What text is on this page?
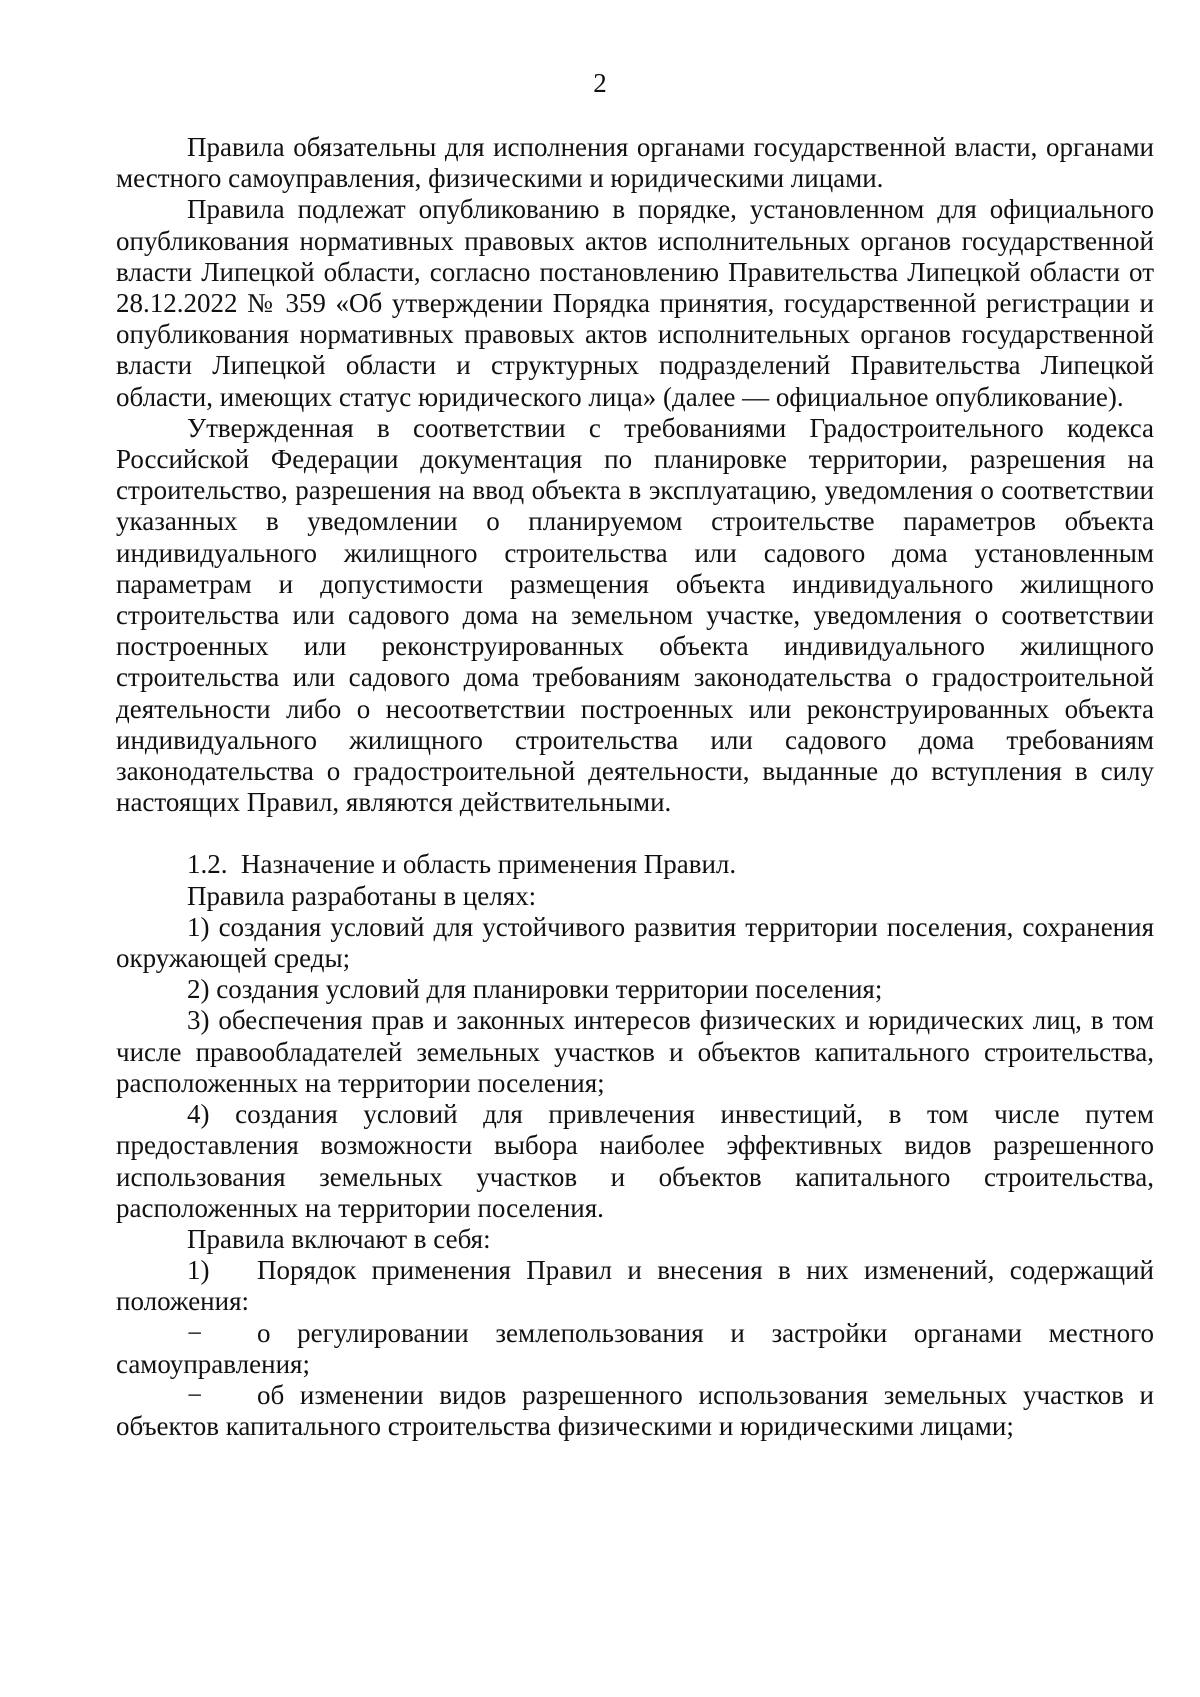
2

Правила обязательны для исполнения органами государственной власти, органами местного самоуправления, физическими и юридическими лицами.

Правила подлежат опубликованию в порядке, установленном для официального опубликования нормативных правовых актов исполнительных органов государственной власти Липецкой области, согласно постановлению Правительства Липецкой области от 28.12.2022 № 359 «Об утверждении Порядка принятия, государственной регистрации и опубликования нормативных правовых актов исполнительных органов государственной власти Липецкой области и структурных подразделений Правительства Липецкой области, имеющих статус юридического лица» (далее — официальное опубликование).

Утвержденная в соответствии с требованиями Градостроительного кодекса Российской Федерации документация по планировке территории, разрешения на строительство, разрешения на ввод объекта в эксплуатацию, уведомления о соответствии указанных в уведомлении о планируемом строительстве параметров объекта индивидуального жилищного строительства или садового дома установленным параметрам и допустимости размещения объекта индивидуального жилищного строительства или садового дома на земельном участке, уведомления о соответствии построенных или реконструированных объекта индивидуального жилищного строительства или садового дома требованиям законодательства о градостроительной деятельности либо о несоответствии построенных или реконструированных объекта индивидуального жилищного строительства или садового дома требованиям законодательства о градостроительной деятельности, выданные до вступления в силу настоящих Правил, являются действительными.

1.2.  Назначение и область применения Правил.

Правила разработаны в целях:

1) создания условий для устойчивого развития территории поселения, сохранения окружающей среды;

2) создания условий для планировки территории поселения;

3) обеспечения прав и законных интересов физических и юридических лиц, в том числе правообладателей земельных участков и объектов капитального строительства, расположенных на территории поселения;

4) создания условий для привлечения инвестиций, в том числе путем предоставления возможности выбора наиболее эффективных видов разрешенного использования земельных участков и объектов капитального строительства, расположенных на территории поселения.

Правила включают в себя:

1)	Порядок применения Правил и внесения в них изменений, содержащий

положения:

−	о регулировании землепользования и застройки органами местного

самоуправления;

−	об изменении видов разрешенного использования земельных участков и

объектов капитального строительства физическими и юридическими лицами;
